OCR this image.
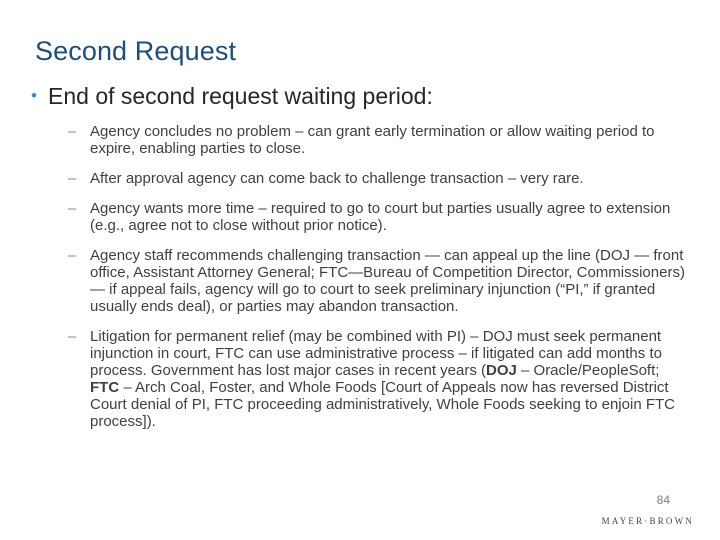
Second Request
• End of second request waiting period:
– Agency concludes no problem – can grant early termination or allow waiting period to expire, enabling parties to close.
– After approval agency can come back to challenge transaction – very rare.
– Agency wants more time – required to go to court but parties usually agree to extension (e.g., agree not to close without prior notice).
– Agency staff recommends challenging transaction — can appeal up the line (DOJ — front office, Assistant Attorney General; FTC—Bureau of Competition Director, Commissioners) — if appeal fails, agency will go to court to seek preliminary injunction (“PI,” if granted usually ends deal), or parties may abandon transaction.
– Litigation for permanent relief (may be combined with PI) – DOJ must seek permanent injunction in court, FTC can use administrative process – if litigated can add months to process. Government has lost major cases in recent years (DOJ – Oracle/PeopleSoft; FTC – Arch Coal, Foster, and Whole Foods [Court of Appeals now has reversed District Court denial of PI, FTC proceeding administratively, Whole Foods seeking to enjoin FTC process]).
84
MAYER·BROWN
